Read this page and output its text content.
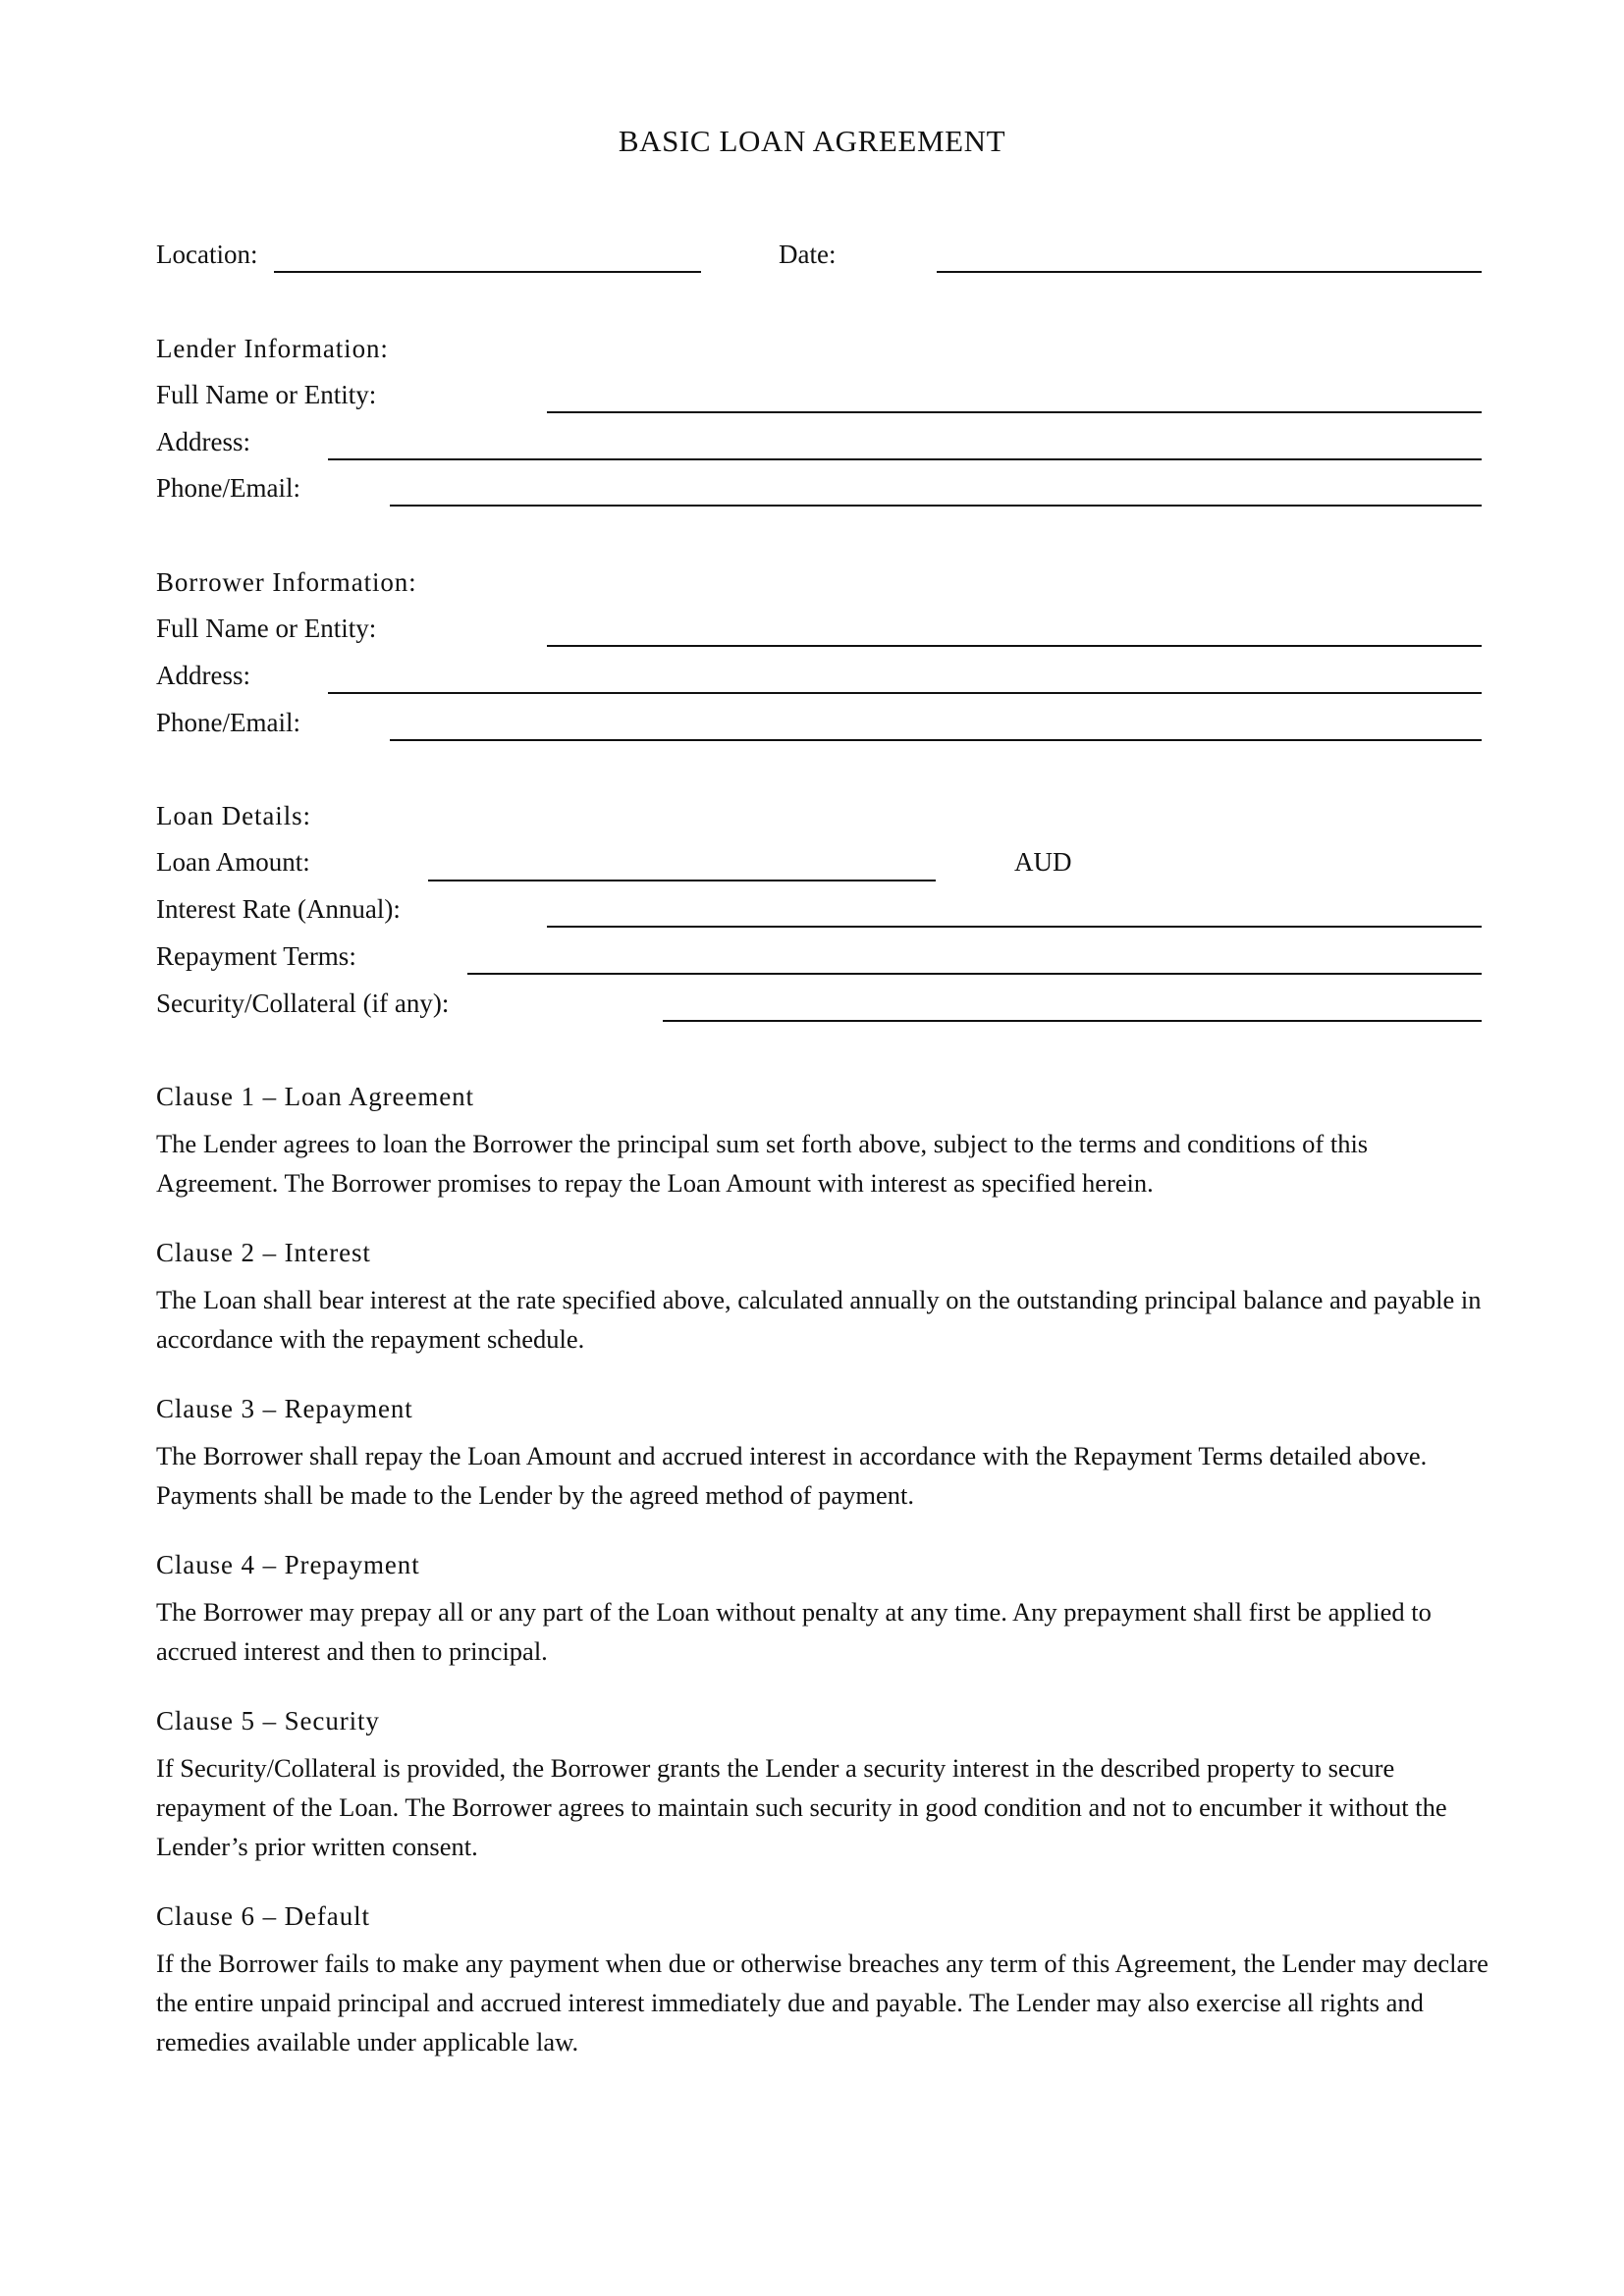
BASIC LOAN AGREEMENT
Location:	Date:
Lender Information:
Full Name or Entity:
Address:
Phone/Email:
Borrower Information:
Full Name or Entity:
Address:
Phone/Email:
Loan Details:
Loan Amount:	AUD
Interest Rate (Annual):
Repayment Terms:
Security/Collateral (if any):
Clause 1 – Loan Agreement
The Lender agrees to loan the Borrower the principal sum set forth above, subject to the terms and conditions of this Agreement. The Borrower promises to repay the Loan Amount with interest as specified herein.
Clause 2 – Interest
The Loan shall bear interest at the rate specified above, calculated annually on the outstanding principal balance and payable in accordance with the repayment schedule.
Clause 3 – Repayment
The Borrower shall repay the Loan Amount and accrued interest in accordance with the Repayment Terms detailed above. Payments shall be made to the Lender by the agreed method of payment.
Clause 4 – Prepayment
The Borrower may prepay all or any part of the Loan without penalty at any time. Any prepayment shall first be applied to accrued interest and then to principal.
Clause 5 – Security
If Security/Collateral is provided, the Borrower grants the Lender a security interest in the described property to secure repayment of the Loan. The Borrower agrees to maintain such security in good condition and not to encumber it without the Lender’s prior written consent.
Clause 6 – Default
If the Borrower fails to make any payment when due or otherwise breaches any term of this Agreement, the Lender may declare the entire unpaid principal and accrued interest immediately due and payable. The Lender may also exercise all rights and remedies available under applicable law.
